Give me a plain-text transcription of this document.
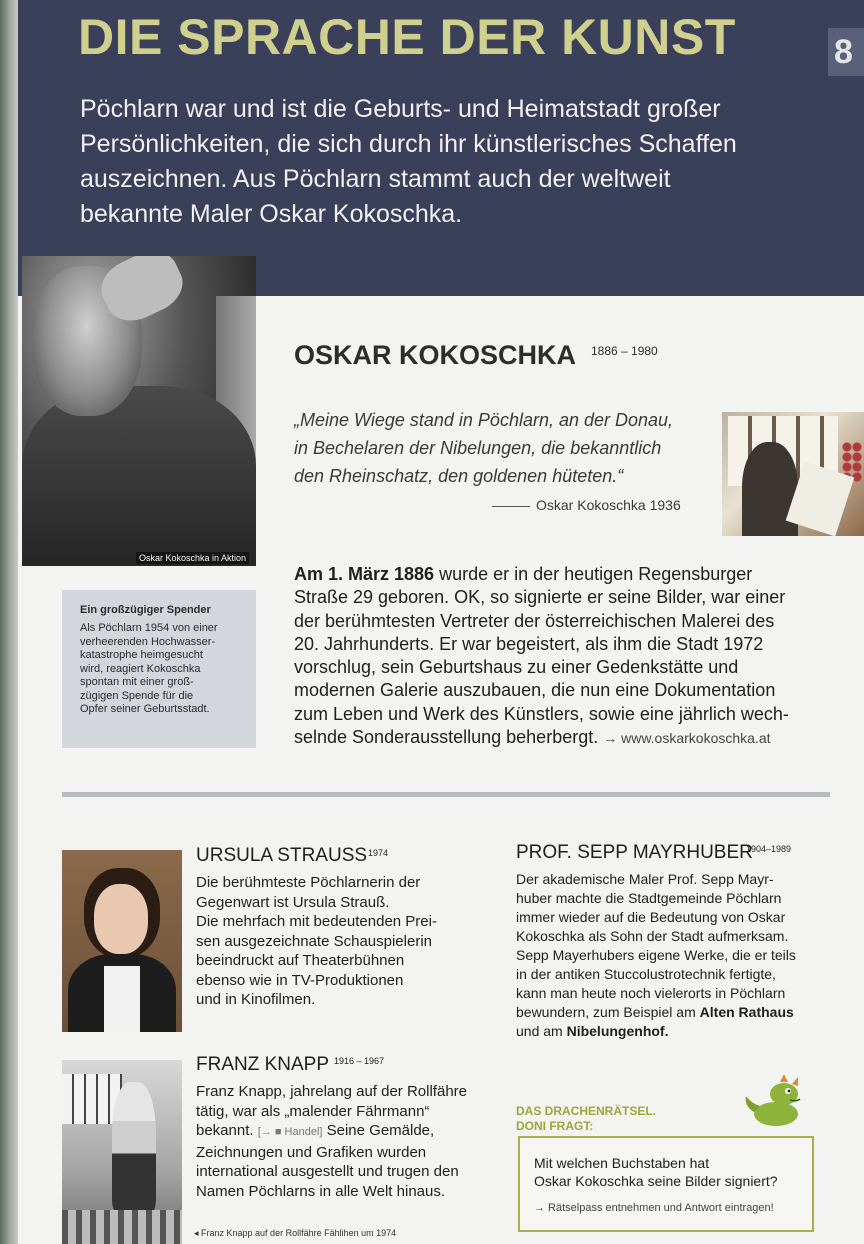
DIE SPRACHE DER KUNST	8
Pöchlarn war und ist die Geburts- und Heimatstadt großer
Persönlichkeiten, die sich durch ihr künstlerisches Schaffen
auszeichnen. Aus Pöchlarn stammt auch der weltweit
bekannte Maler Oskar Kokoschka.
Oskar Kokoschka in Aktion
OSKAR KOKOSCHKA 1886 – 1980
„Meine Wiege stand in Pöchlarn, an der Donau,
in Bechelaren der Nibelungen, die bekanntlich
den Rheinschatz, den goldenen hüteten.“
Oskar Kokoschka 1936
Am 1. März 1886 wurde er in der heutigen Regensburger
Straße 29 geboren. OK, so signierte er seine Bilder, war einer
der berühmtesten Vertreter der österreichischen Malerei des
20. Jahrhunderts. Er war begeistert, als ihm die Stadt 1972
vorschlug, sein Geburtshaus zu einer Gedenkstätte und
modernen Galerie auszubauen, die nun eine Dokumentation
zum Leben und Werk des Künstlers, sowie eine jährlich wech-
selnde Sonderausstellung beherbergt. → www.oskarkokoschka.at
Ein großzügiger Spender
Als Pöchlarn 1954 von einer
verheerenden Hochwasser-
katastrophe heimgesucht
wird, reagiert Kokoschka
spontan mit einer groß-
zügigen Spende für die
Opfer seiner Geburtsstadt.
URSULA STRAUSS 1974
Die berühmteste Pöchlarnerin der
Gegenwart ist Ursula Strauß.
Die mehrfach mit bedeutenden Prei-
sen ausgezeichnate Schauspielerin
beeindruckt auf Theaterbühnen
ebenso wie in TV-Produktionen
und in Kinofilmen.
PROF. SEPP MAYRHUBER
1904–1989
Der akademische Maler Prof. Sepp Mayr-
huber machte die Stadtgemeinde Pöchlarn
immer wieder auf die Bedeutung von Oskar
Kokoschka als Sohn der Stadt aufmerksam.
Sepp Mayerhubers eigene Werke, die er teils
in der antiken Stuccolustrotechnik fertigte,
kann man heute noch vielerorts in Pöchlarn
bewundern, zum Beispiel am Alten Rathaus
und am Nibelungenhof.
FRANZ KNAPP 1916 – 1967
Franz Knapp, jahrelang auf der Rollfähre
tätig, war als „malender Fährmann“
bekannt. [→ ■ Handel] Seine Gemälde,
Zeichnungen und Grafiken wurden
international ausgestellt und trugen den
Namen Pöchlarns in alle Welt hinaus.
◂ Franz Knapp auf der Rollfähre Fählihen um 1974
DAS DRACHENRÄTSEL.
DONI FRAGT:
Mit welchen Buchstaben hat
Oskar Kokoschka seine Bilder signiert?
→ Rätselpass entnehmen und Antwort eintragen!
